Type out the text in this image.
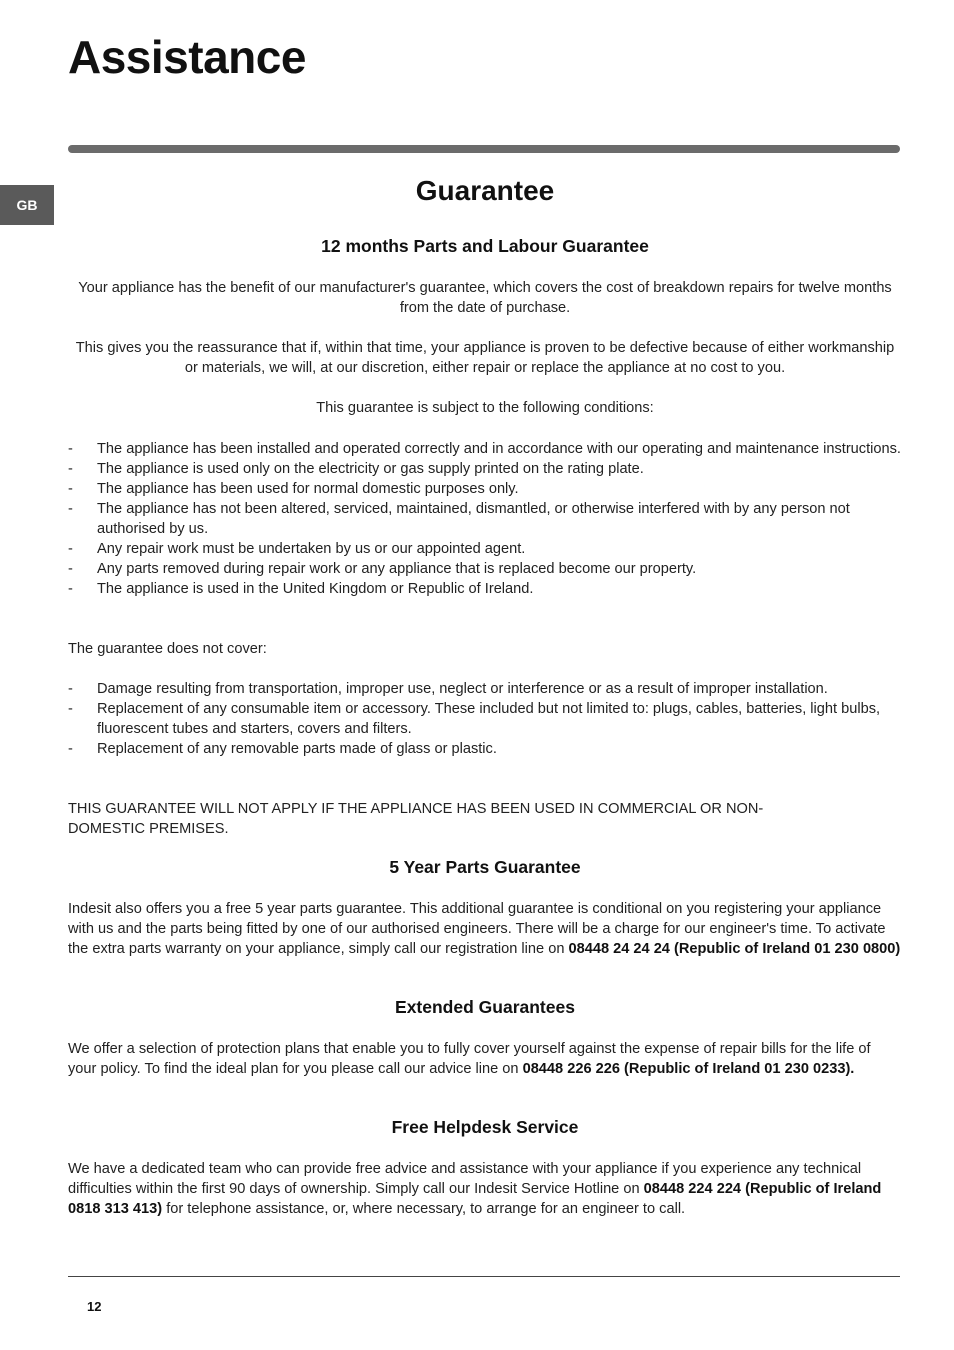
Assistance
GB	Guarantee
12 months Parts and Labour Guarantee

Your appliance has the benefit of our manufacturer's guarantee, which covers the cost of breakdown repairs for twelve months from the date of purchase.

This gives you the reassurance that if, within that time, your appliance is proven to be defective because of either workmanship or materials, we will, at our discretion, either repair or replace the appliance at no cost to you.

This guarantee is subject to the following conditions:

- The appliance has been installed and operated correctly and in accordance with our operating and maintenance instructions.
- The appliance is used only on the electricity or gas supply printed on the rating plate.
- The appliance has been used for normal domestic purposes only.
- The appliance has not been altered, serviced, maintained, dismantled, or otherwise interfered with by any person not authorised by us.
- Any repair work must be undertaken by us or our appointed agent.
- Any parts removed during repair work or any appliance that is replaced become our property.
- The appliance is used in the United Kingdom or Republic of Ireland.

The guarantee does not cover:

- Damage resulting from transportation, improper use, neglect or interference or as a result of improper installation.
- Replacement of any consumable item or accessory. These included but not limited to: plugs, cables, batteries, light bulbs, fluorescent tubes and starters, covers and filters.
- Replacement of any removable parts made of glass or plastic.

THIS GUARANTEE WILL NOT APPLY IF THE APPLIANCE HAS BEEN USED IN COMMERCIAL OR NON-DOMESTIC PREMISES.

5 Year Parts Guarantee

Indesit also offers you a free 5 year parts guarantee. This additional guarantee is conditional on you registering your appliance with us and the parts being fitted by one of our authorised engineers. There will be a charge for our engineer's time. To activate the extra parts warranty on your appliance, simply call our registration line on 08448 24 24 24 (Republic of Ireland 01 230 0800)

Extended Guarantees

We offer a selection of protection plans that enable you to fully cover yourself against the expense of repair bills for the life of your policy. To find the ideal plan for you please call our advice line on 08448 226 226 (Republic of Ireland 01 230 0233).

Free Helpdesk Service

We have a dedicated team who can provide free advice and assistance with your appliance if you experience any technical difficulties within the first 90 days of ownership. Simply call our Indesit Service Hotline on 08448 224 224 (Republic of Ireland 0818 313 413) for telephone assistance, or, where necessary, to arrange for an engineer to call.

12
